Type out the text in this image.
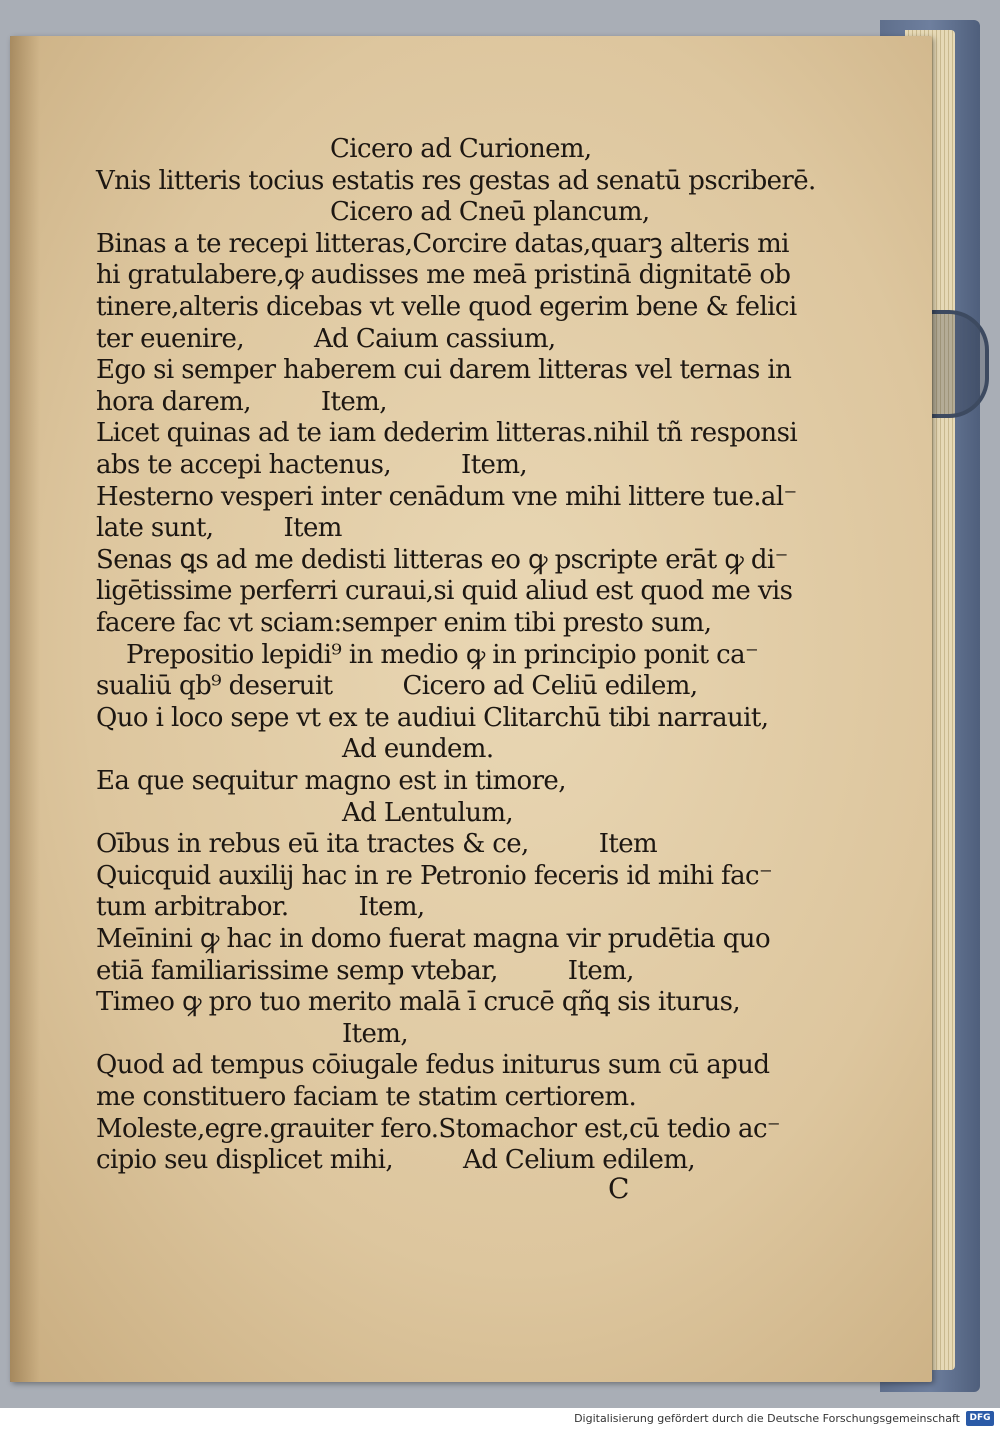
Cicero ad Curionem,
Vnis litteris tocius estatis res gestas ad senatū pscriberē.
Cicero ad Cneū plancum,
Binas a te recepi litteras,Corcire datas,quarꝫ alteris mi
hi gratulabere,ꝙ audisses me meā pristinā dignitatē ob
tinere,alteris dicebas vt velle quod egerim bene & felici
ter euenire,	Ad Caium cassium,
Ego si semper haberem cui darem litteras vel ternas in
hora darem,	Item,
Licet quinas ad te iam dederim litteras.nihil tñ responsi
abs te accepi hactenus,	Item,
Hesterno vesperi inter cenādum vne mihi littere tue.al⁻
late sunt,	Item
Senas ꝗs ad me dedisti litteras eo ꝙ pscripte erāt ꝙ di⁻
ligētissime perferri curaui,si quid aliud est quod me vis
facere fac vt sciam:semper enim tibi presto sum,
Prepositio lepidi⁹ in medio ꝙ in principio ponit ca⁻
sualiū qb⁹ deseruit	Cicero ad Celiū edilem,
Quo i loco sepe vt ex te audiui Clitarchū tibi narrauit,
Ad eundem.
Ea que sequitur magno est in timore,
Ad Lentulum,
Oībus in rebus eū ita tractes & ce,	Item
Quicquid auxilij hac in re Petronio feceris id mihi fac⁻
tum arbitrabor.	Item,
Meīnini ꝙ hac in domo fuerat magna vir prudētia quo
etiā familiarissime semp vtebar,	Item,
Timeo ꝙ pro tuo merito malā ī crucē qñꝗ sis iturus,
Item,
Quod ad tempus cōiugale fedus initurus sum cū apud
me constituero faciam te statim certiorem.
Moleste,egre.grauiter fero.Stomachor est,cū tedio ac⁻
cipio seu displicet mihi,	Ad Celium edilem,
C
Digitalisierung gefördert durch die Deutsche Forschungsgemeinschaft	DFG
